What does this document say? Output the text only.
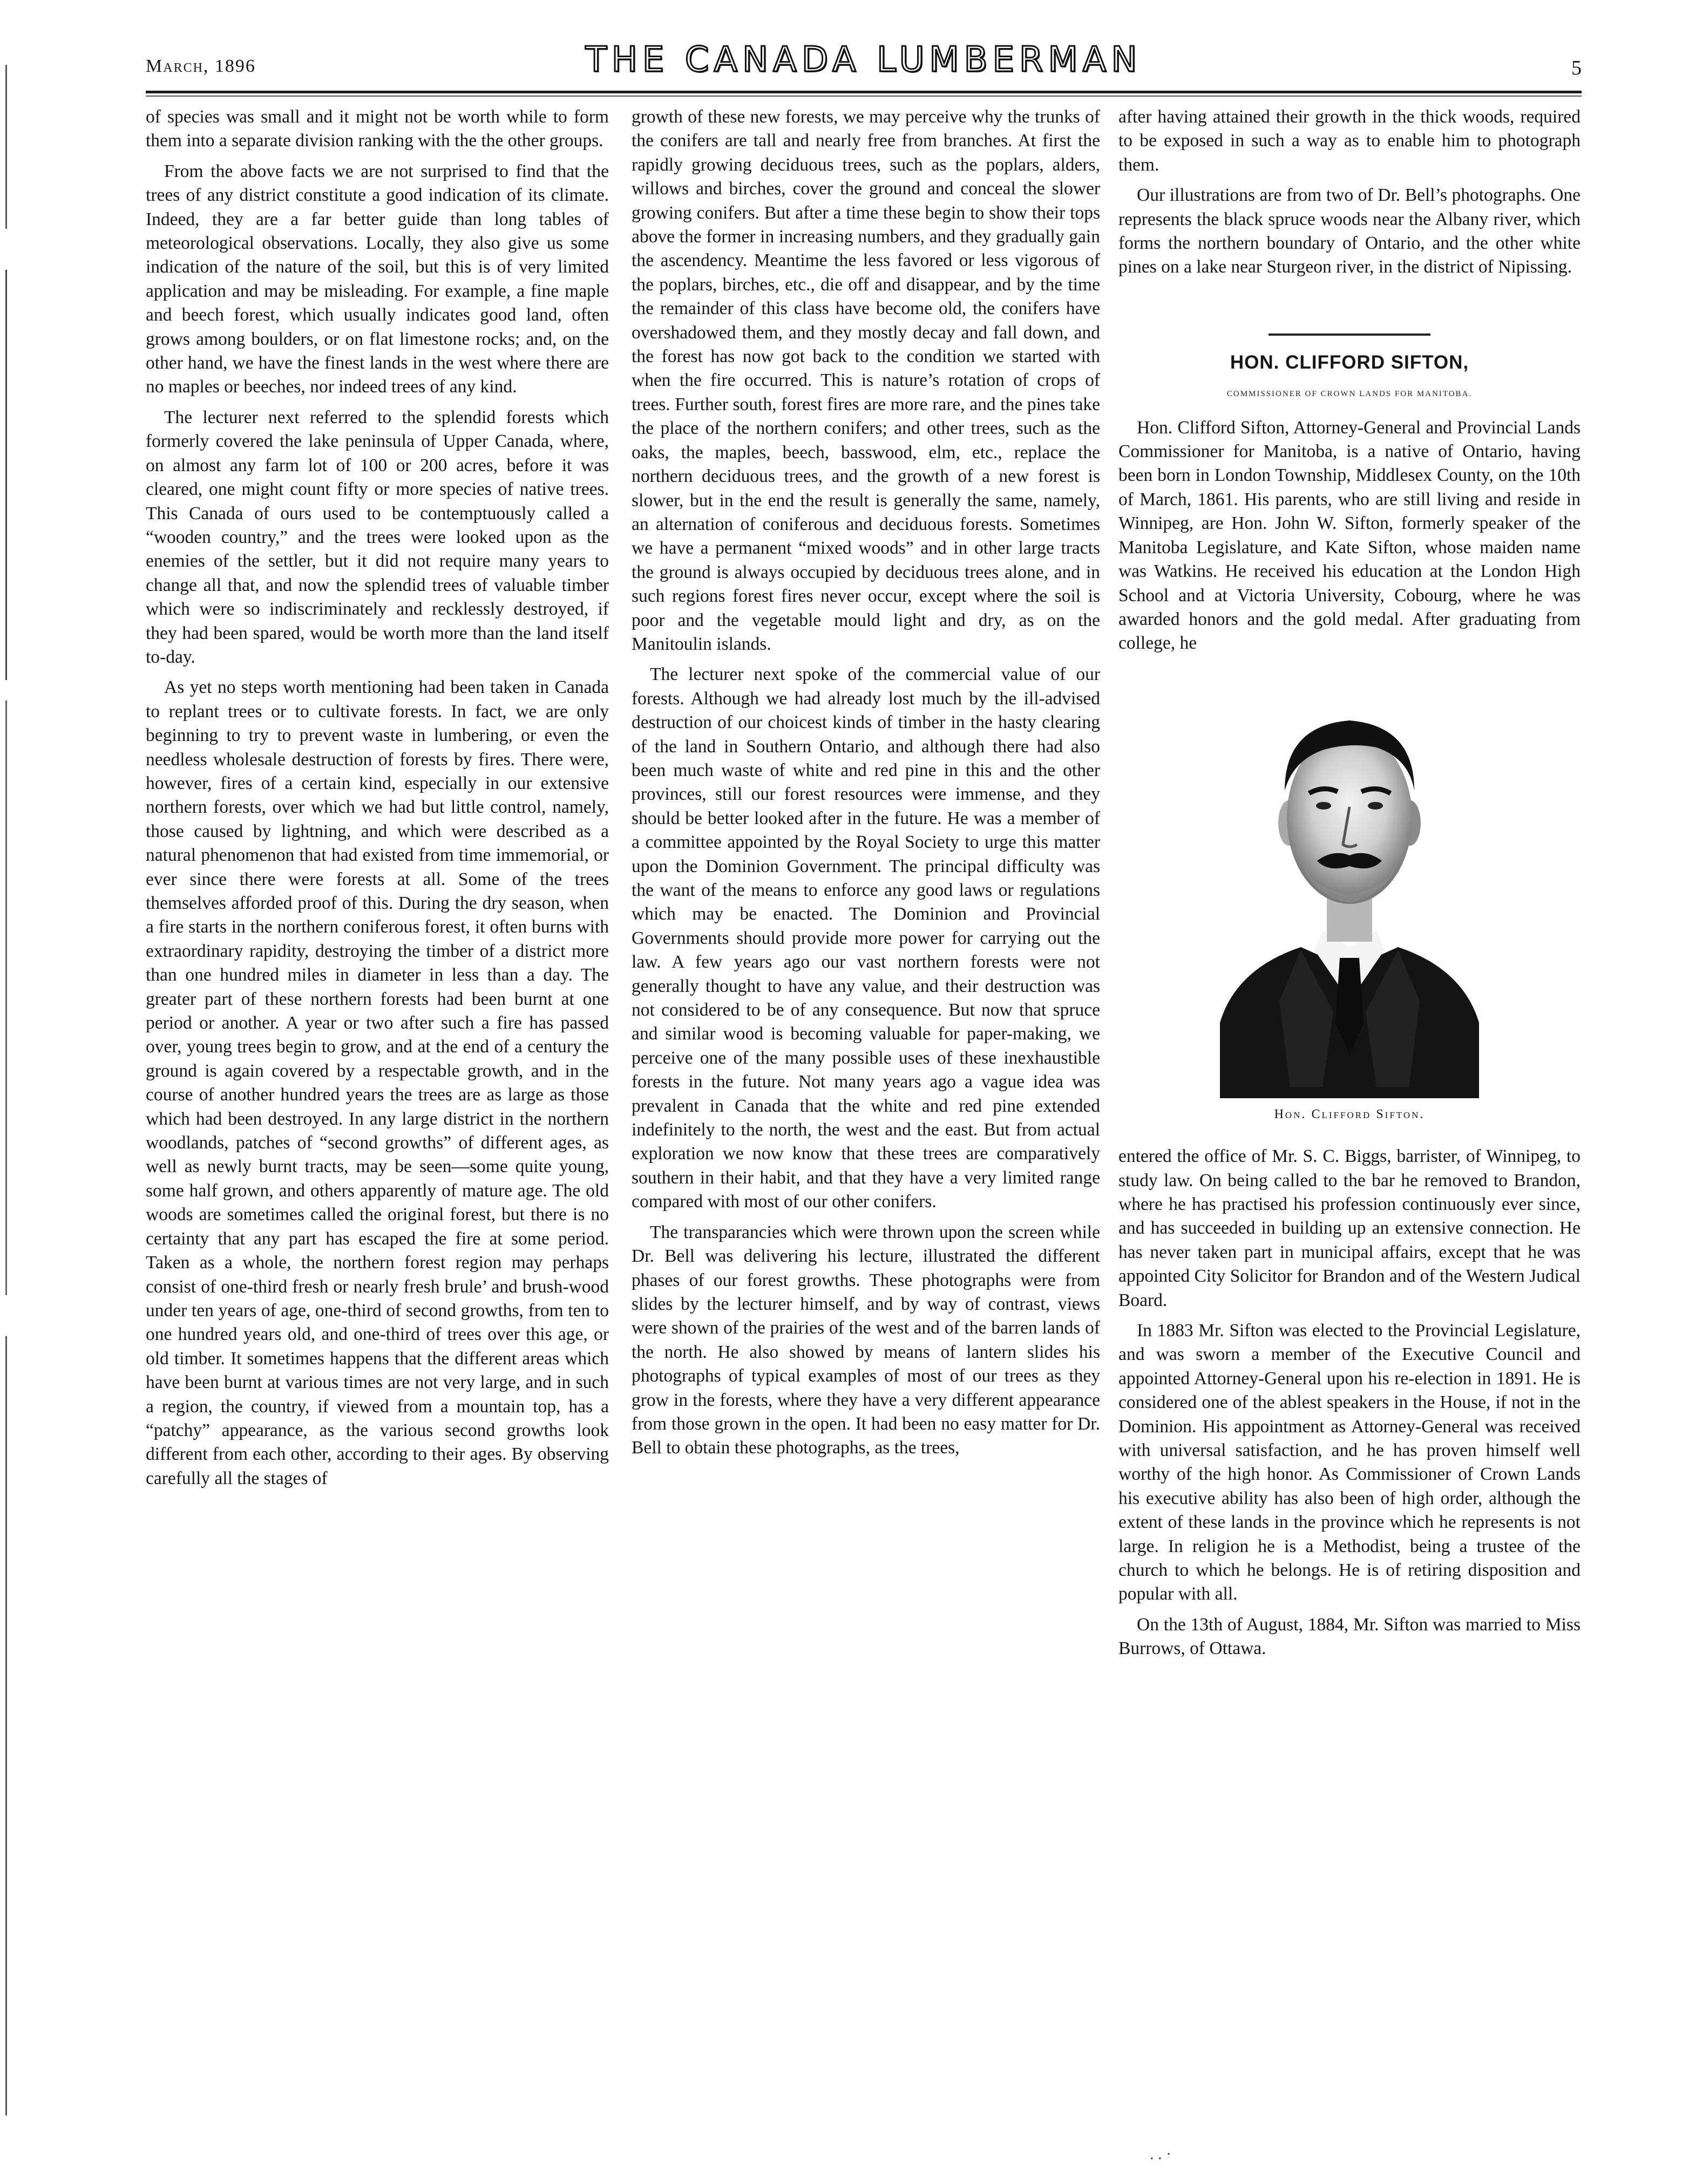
March, 1896	THE CANADA LUMBERMAN	5

of species was small and it might not be worth while to form them into a separate division ranking with the the other groups.

From the above facts we are not surprised to find that the trees of any district constitute a good indication of its climate. Indeed, they are a far better guide than long tables of meteorological observations. Locally, they also give us some indication of the nature of the soil, but this is of very limited application and may be misleading. For example, a fine maple and beech forest, which usually indicates good land, often grows among boulders, or on flat limestone rocks; and, on the other hand, we have the finest lands in the west where there are no maples or beeches, nor indeed trees of any kind.

The lecturer next referred to the splendid forests which formerly covered the lake peninsula of Upper Canada, where, on almost any farm lot of 100 or 200 acres, before it was cleared, one might count fifty or more species of native trees. This Canada of ours used to be contemptuously called a “wooden country,” and the trees were looked upon as the enemies of the settler, but it did not require many years to change all that, and now the splendid trees of valuable timber which were so indiscriminately and recklessly destroyed, if they had been spared, would be worth more than the land itself to-day.

As yet no steps worth mentioning had been taken in Canada to replant trees or to cultivate forests. In fact, we are only beginning to try to prevent waste in lumbering, or even the needless wholesale destruction of forests by fires. There were, however, fires of a certain kind, especially in our extensive northern forests, over which we had but little control, namely, those caused by lightning, and which were described as a natural phenomenon that had existed from time immemorial, or ever since there were forests at all. Some of the trees themselves afforded proof of this. During the dry season, when a fire starts in the northern coniferous forest, it often burns with extraordinary rapidity, destroying the timber of a district more than one hundred miles in diameter in less than a day. The greater part of these northern forests had been burnt at one period or another. A year or two after such a fire has passed over, young trees begin to grow, and at the end of a century the ground is again covered by a respectable growth, and in the course of another hundred years the trees are as large as those which had been destroyed. In any large district in the northern woodlands, patches of “second growths” of different ages, as well as newly burnt tracts, may be seen—some quite young, some half grown, and others apparently of mature age. The old woods are sometimes called the original forest, but there is no certainty that any part has escaped the fire at some period. Taken as a whole, the northern forest region may perhaps consist of one-third fresh or nearly fresh brule’ and brush-wood under ten years of age, one-third of second growths, from ten to one hundred years old, and one-third of trees over this age, or old timber. It sometimes happens that the different areas which have been burnt at various times are not very large, and in such a region, the country, if viewed from a mountain top, has a “patchy” appearance, as the various second growths look different from each other, according to their ages. By observing carefully all the stages of

growth of these new forests, we may perceive why the trunks of the conifers are tall and nearly free from branches. At first the rapidly growing deciduous trees, such as the poplars, alders, willows and birches, cover the ground and conceal the slower growing conifers. But after a time these begin to show their tops above the former in increasing numbers, and they gradually gain the ascendency. Meantime the less favored or less vigorous of the poplars, birches, etc., die off and disappear, and by the time the remainder of this class have become old, the conifers have overshadowed them, and they mostly decay and fall down, and the forest has now got back to the condition we started with when the fire occurred. This is nature’s rotation of crops of trees. Further south, forest fires are more rare, and the pines take the place of the northern conifers; and other trees, such as the oaks, the maples, beech, basswood, elm, etc., replace the northern deciduous trees, and the growth of a new forest is slower, but in the end the result is generally the same, namely, an alternation of coniferous and deciduous forests. Sometimes we have a permanent “mixed woods” and in other large tracts the ground is always occupied by deciduous trees alone, and in such regions forest fires never occur, except where the soil is poor and the vegetable mould light and dry, as on the Manitoulin islands.

The lecturer next spoke of the commercial value of our forests. Although we had already lost much by the ill-advised destruction of our choicest kinds of timber in the hasty clearing of the land in Southern Ontario, and although there had also been much waste of white and red pine in this and the other provinces, still our forest resources were immense, and they should be better looked after in the future. He was a member of a committee appointed by the Royal Society to urge this matter upon the Dominion Government. The principal difficulty was the want of the means to enforce any good laws or regulations which may be enacted. The Dominion and Provincial Governments should provide more power for carrying out the law. A few years ago our vast northern forests were not generally thought to have any value, and their destruction was not considered to be of any consequence. But now that spruce and similar wood is becoming valuable for paper-making, we perceive one of the many possible uses of these inexhaustible forests in the future. Not many years ago a vague idea was prevalent in Canada that the white and red pine extended indefinitely to the north, the west and the east. But from actual exploration we now know that these trees are comparatively southern in their habit, and that they have a very limited range compared with most of our other conifers.

The transparancies which were thrown upon the screen while Dr. Bell was delivering his lecture, illustrated the different phases of our forest growths. These photographs were from slides by the lecturer himself, and by way of contrast, views were shown of the prairies of the west and of the barren lands of the north. He also showed by means of lantern slides his photographs of typical examples of most of our trees as they grow in the forests, where they have a very different appearance from those grown in the open. It had been no easy matter for Dr. Bell to obtain these photographs, as the trees,

after having attained their growth in the thick woods, required to be exposed in such a way as to enable him to photograph them.

Our illustrations are from two of Dr. Bell’s photographs. One represents the black spruce woods near the Albany river, which forms the northern boundary of Ontario, and the other white pines on a lake near Sturgeon river, in the district of Nipissing.

HON. CLIFFORD SIFTON,
COMMISSIONER OF CROWN LANDS FOR MANITOBA.

Hon. Clifford Sifton, Attorney-General and Provincial Lands Commissioner for Manitoba, is a native of Ontario, having been born in London Township, Middlesex County, on the 10th of March, 1861. His parents, who are still living and reside in Winnipeg, are Hon. John W. Sifton, formerly speaker of the Manitoba Legislature, and Kate Sifton, whose maiden name was Watkins. He received his education at the London High School and at Victoria University, Cobourg, where he was awarded honors and the gold medal. After graduating from college, he

Hon. Clifford Sifton.

entered the office of Mr. S. C. Biggs, barrister, of Winnipeg, to study law. On being called to the bar he removed to Brandon, where he has practised his profession continuously ever since, and has succeeded in building up an extensive connection. He has never taken part in municipal affairs, except that he was appointed City Solicitor for Brandon and of the Western Judical Board.

In 1883 Mr. Sifton was elected to the Provincial Legislature, and was sworn a member of the Executive Council and appointed Attorney-General upon his re-election in 1891. He is considered one of the ablest speakers in the House, if not in the Dominion. His appointment as Attorney-General was received with universal satisfaction, and he has proven himself well worthy of the high honor. As Commissioner of Crown Lands his executive ability has also been of high order, although the extent of these lands in the province which he represents is not large. In religion he is a Methodist, being a trustee of the church to which he belongs. He is of retiring disposition and popular with all.

On the 13th of August, 1884, Mr. Sifton was married to Miss Burrows, of Ottawa.

. . ·
